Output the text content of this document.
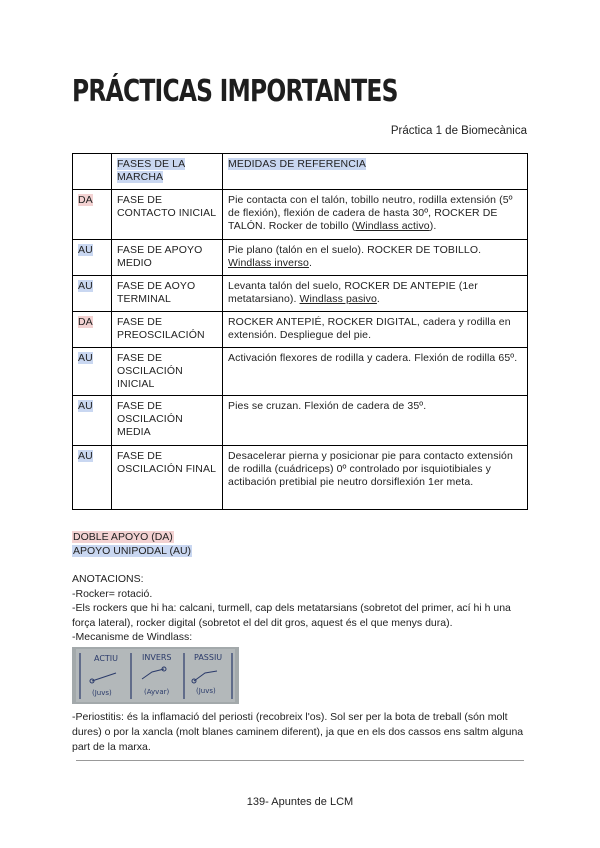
PRÁCTICAS IMPORTANTES
Práctica 1 de Biomecànica
	FASES DE LA MARCHA	MEDIDAS DE REFERENCIA
DA	FASE DE CONTACTO INICIAL	Pie contacta con el talón, tobillo neutro, rodilla extensión (5º de flexión), flexión de cadera de hasta 30º, ROCKER DE TALÓN. Rocker de tobillo (Windlass activo).
AU	FASE DE APOYO MEDIO	Pie plano (talón en el suelo). ROCKER DE TOBILLO. Windlass inverso.
AU	FASE DE AOYO TERMINAL	Levanta talón del suelo, ROCKER DE ANTEPIE (1er metatarsiano). Windlass pasivo.
DA	FASE DE PREOSCILACIÓN	ROCKER ANTEPIÉ, ROCKER DIGITAL, cadera y rodilla en extensión. Despliegue del pie.
AU	FASE DE OSCILACIÓN INICIAL	Activación flexores de rodilla y cadera. Flexión de rodilla 65º.
AU	FASE DE OSCILACIÓN MEDIA	Pies se cruzan. Flexión de cadera de 35º.
AU	FASE DE OSCILACIÓN FINAL	Desacelerar pierna y posicionar pie para contacto extensión de rodilla (cuádriceps) 0º controlado por isquiotibiales y actibación pretibial pie neutro dorsiflexión 1er meta.
DOBLE APOYO (DA)
APOYO UNIPODAL (AU)

ANOTACIONS:

-Rocker= rotació.

-Els rockers que hi ha: calcani, turmell, cap dels metatarsians (sobretot del primer, ací hi h una força lateral), rocker digital (sobretot el del dit gros, aquest és el que menys dura).

-Mecanisme de Windlass:

ACTIU	INVERS	PASSIU
(Juvs)	(Ayvar)	(Juvs)
-Periostitis: és la inflamació del periosti (recobreix l'os). Sol ser per la bota de treball (són molt dures) o por la xancla (molt blanes caminem diferent), ja que en els dos cassos ens saltm alguna part de la marxa.
139- Apuntes de LCM
